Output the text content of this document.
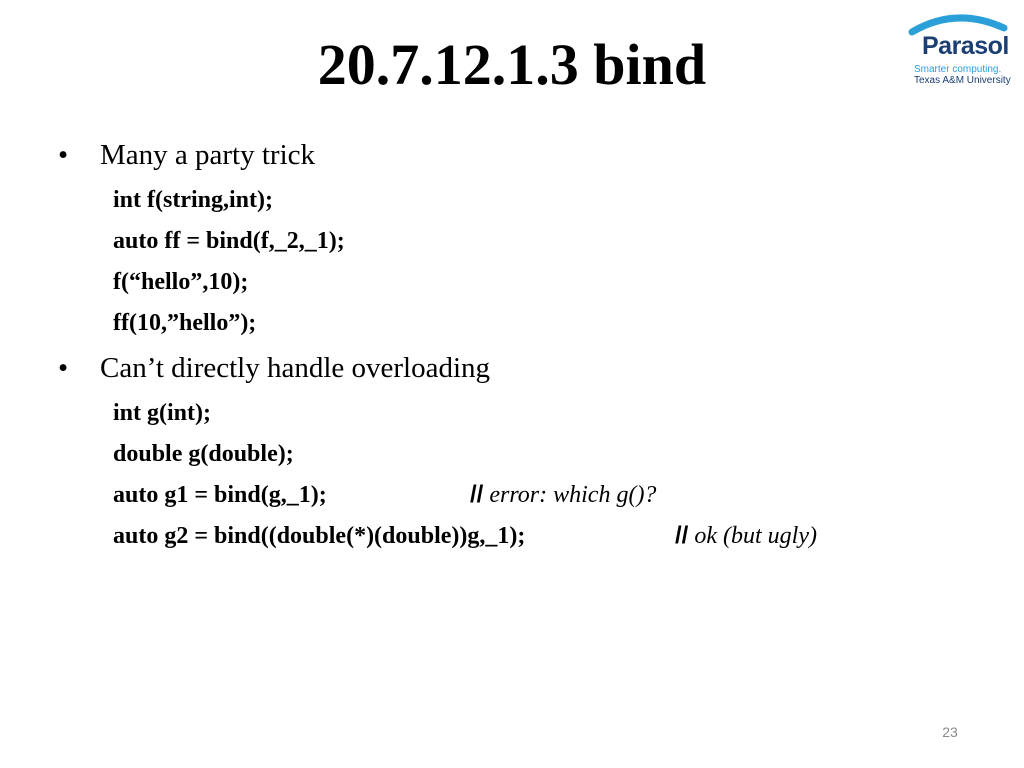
20.7.12.1.3 bind	Parasol
Smarter computing.
Texas A&M University
• Many a party trick
int f(string,int);
auto ff = bind(f,_2,_1);
f(“hello”,10);
ff(10,”hello”);
• Can’t directly handle overloading
int g(int);
double g(double);
auto g1 = bind(g,_1);	// error: which g()?
auto g2 = bind((double(*)(double))g,_1);	// ok (but ugly)
23
